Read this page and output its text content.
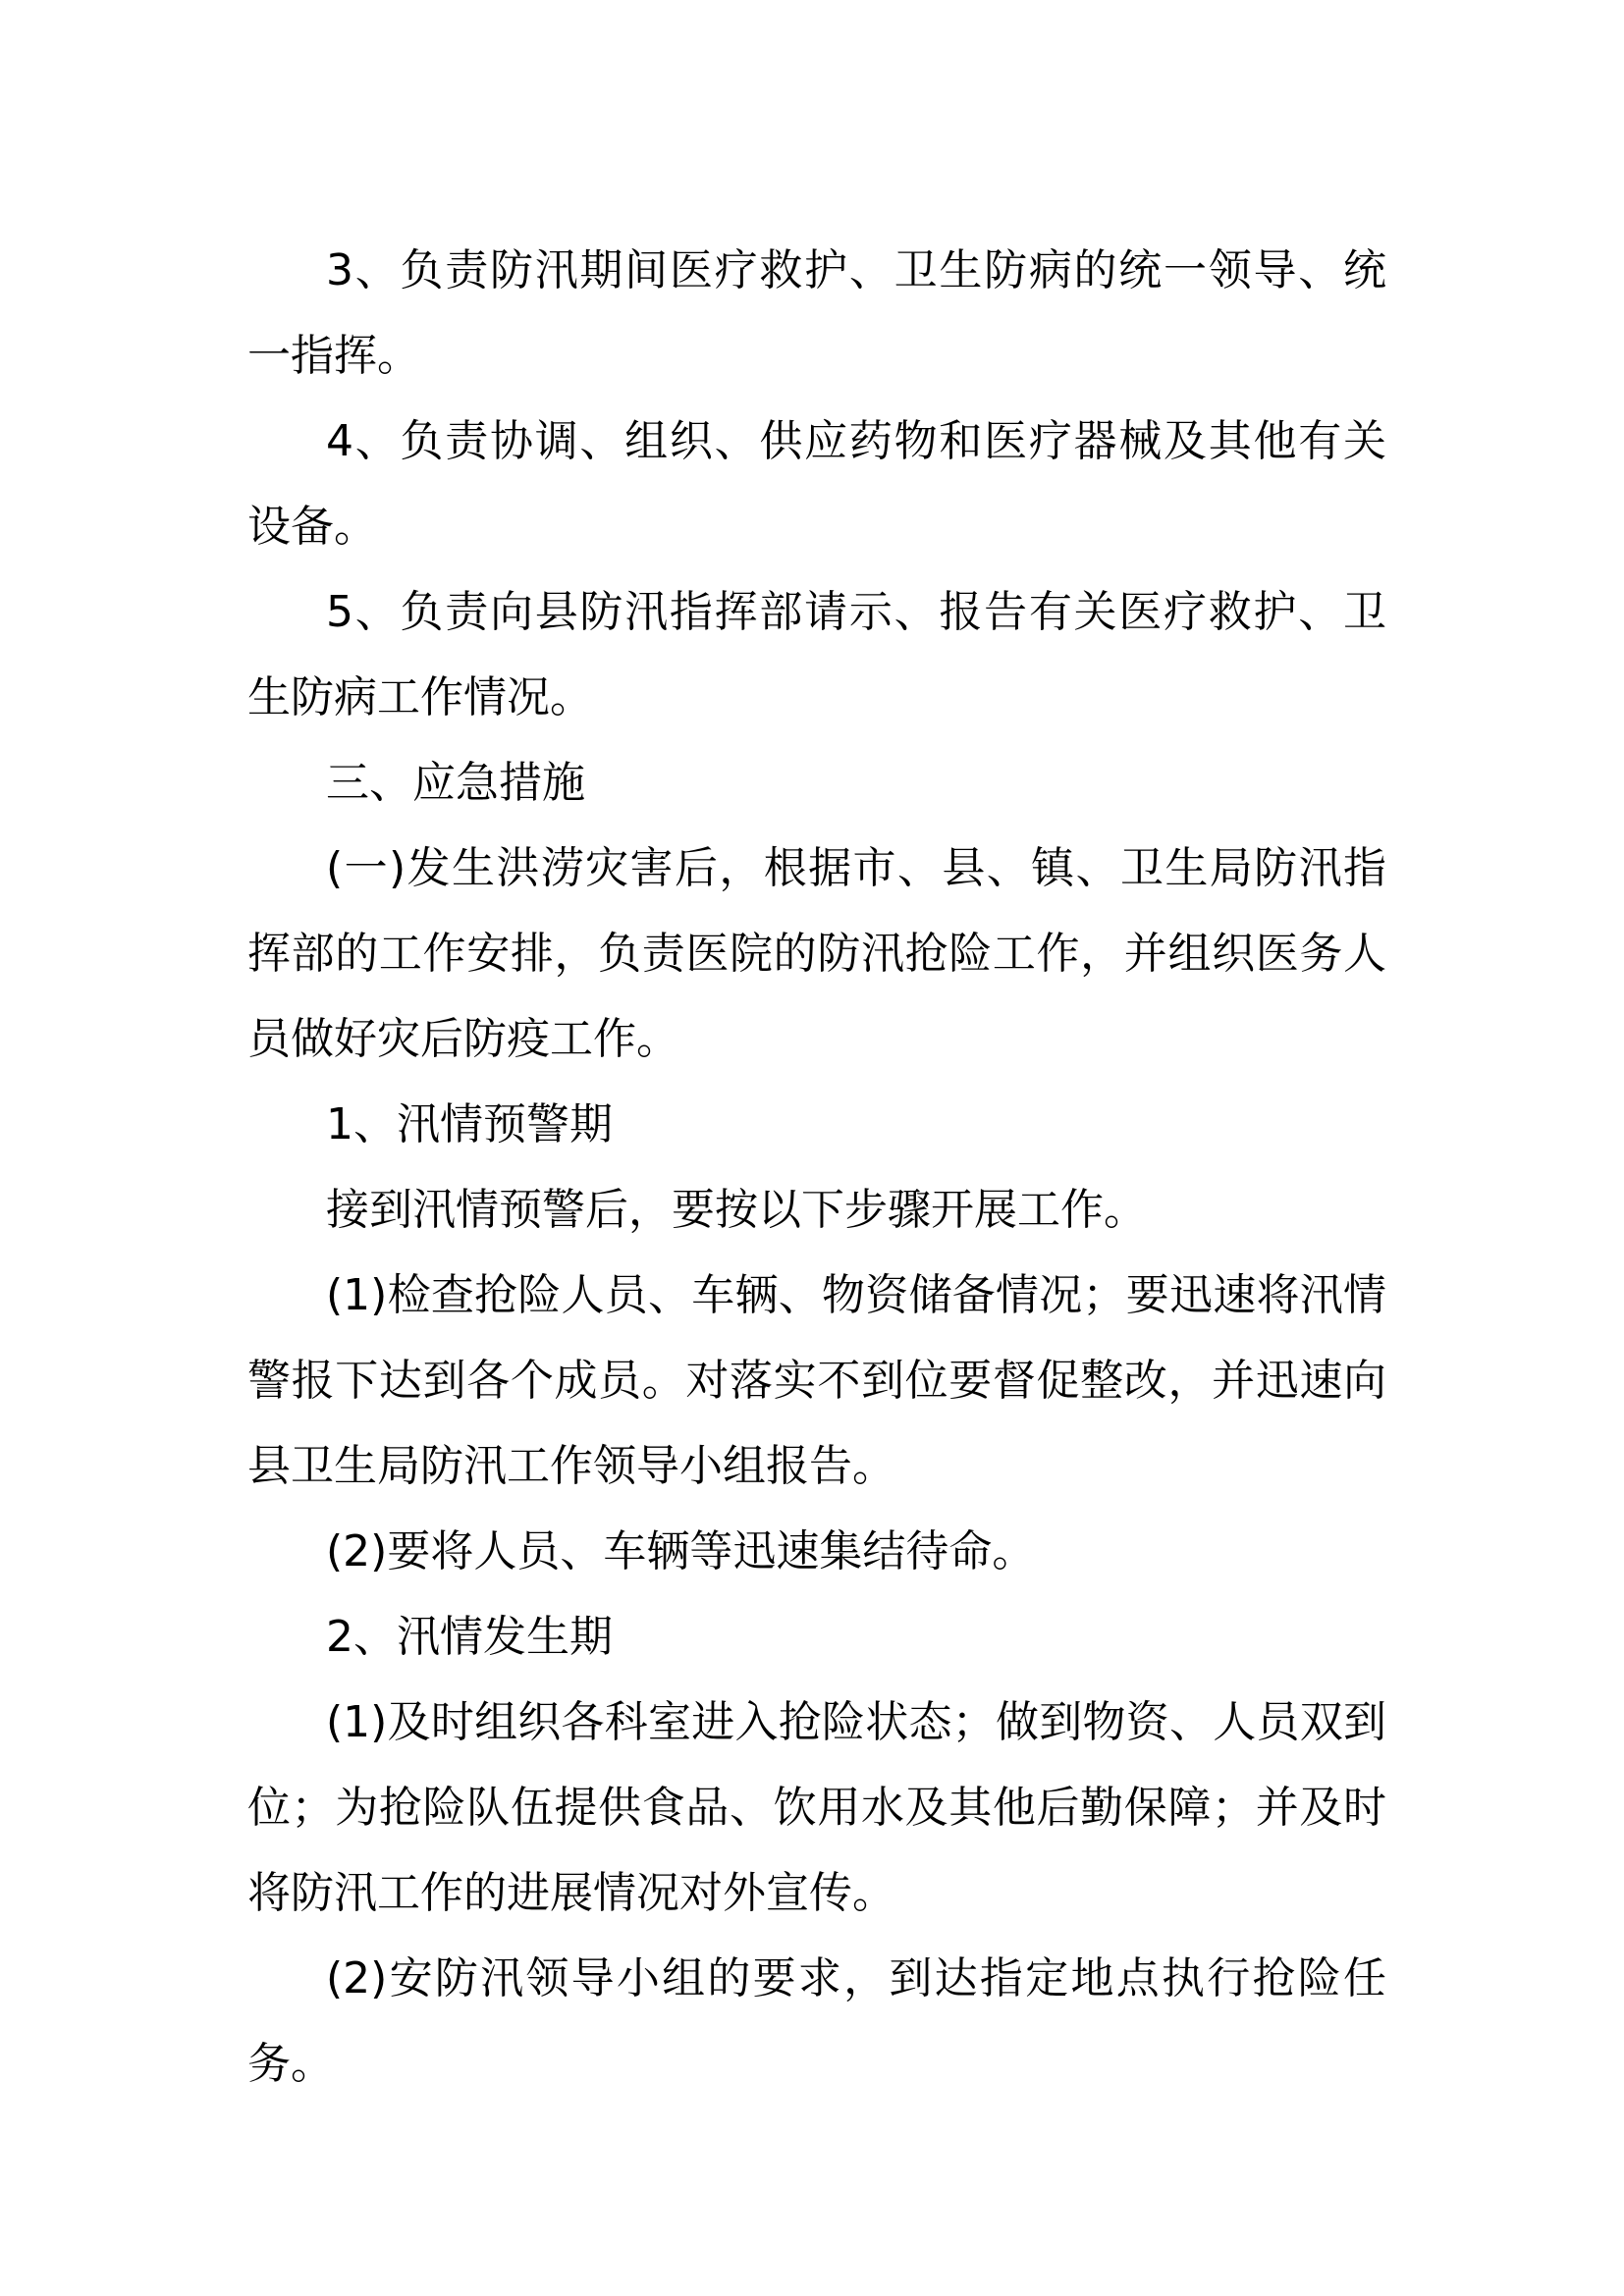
3、负责防汛期间医疗救护、卫生防病的统一领导、统一指挥。

4、负责协调、组织、供应药物和医疗器械及其他有关设备。

5、负责向县防汛指挥部请示、报告有关医疗救护、卫生防病工作情况。

三、应急措施

(一)发生洪涝灾害后，根据市、县、镇、卫生局防汛指挥部的工作安排，负责医院的防汛抢险工作，并组织医务人员做好灾后防疫工作。

1、汛情预警期

接到汛情预警后，要按以下步骤开展工作。

(1)检查抢险人员、车辆、物资储备情况；要迅速将汛情警报下达到各个成员。对落实不到位要督促整改，并迅速向县卫生局防汛工作领导小组报告。

(2)要将人员、车辆等迅速集结待命。

2、汛情发生期

(1)及时组织各科室进入抢险状态；做到物资、人员双到位；为抢险队伍提供食品、饮用水及其他后勤保障；并及时将防汛工作的进展情况对外宣传。

(2)安防汛领导小组的要求，到达指定地点执行抢险任务。
